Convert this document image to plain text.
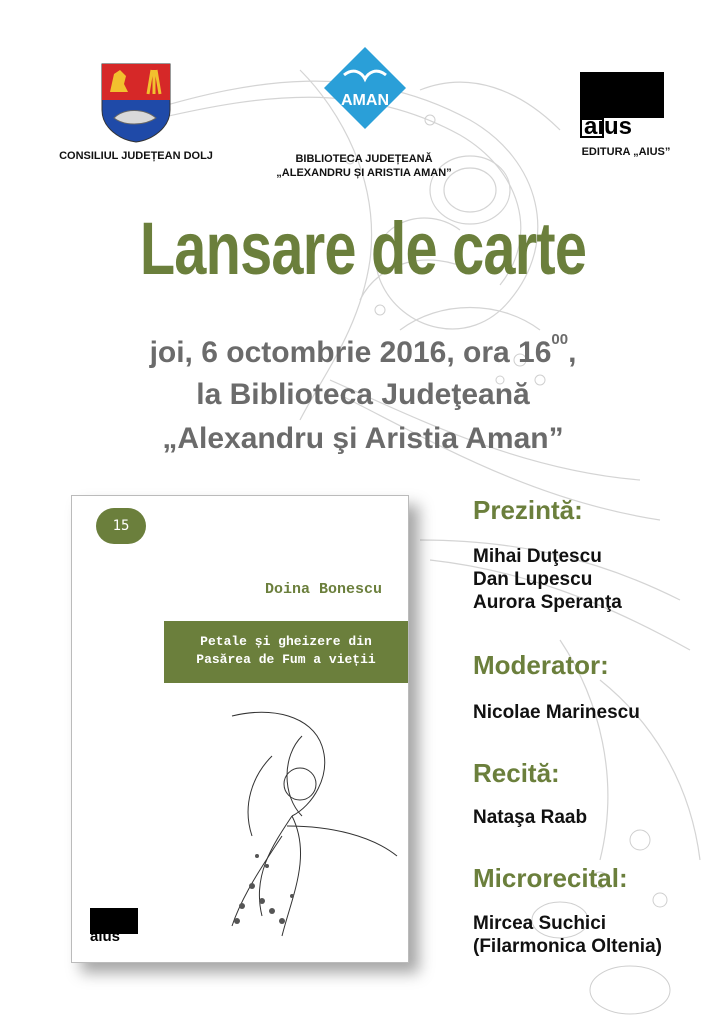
CONSILIUL JUDEȚEAN DOLJ
AMAN
BIBLIOTECA JUDEȚEANĂ
„ALEXANDRU ȘI ARISTIA AMAN”
aius
EDITURA „AIUS”
Lansare de carte
joi, 6 octombrie 2016, ora $16^{00}$,
la Biblioteca Judeţeană
„Alexandru şi Aristia Aman”
15
Doina Bonescu
Petale și gheizere din
Pasărea de Fum a vieții
aius
Prezintă:
Mihai Duţescu
Dan Lupescu
Aurora Speranţa
Moderator:
Nicolae Marinescu
Recită:
Nataşa Raab
Microrecital:
Mircea Suchici
(Filarmonica Oltenia)
